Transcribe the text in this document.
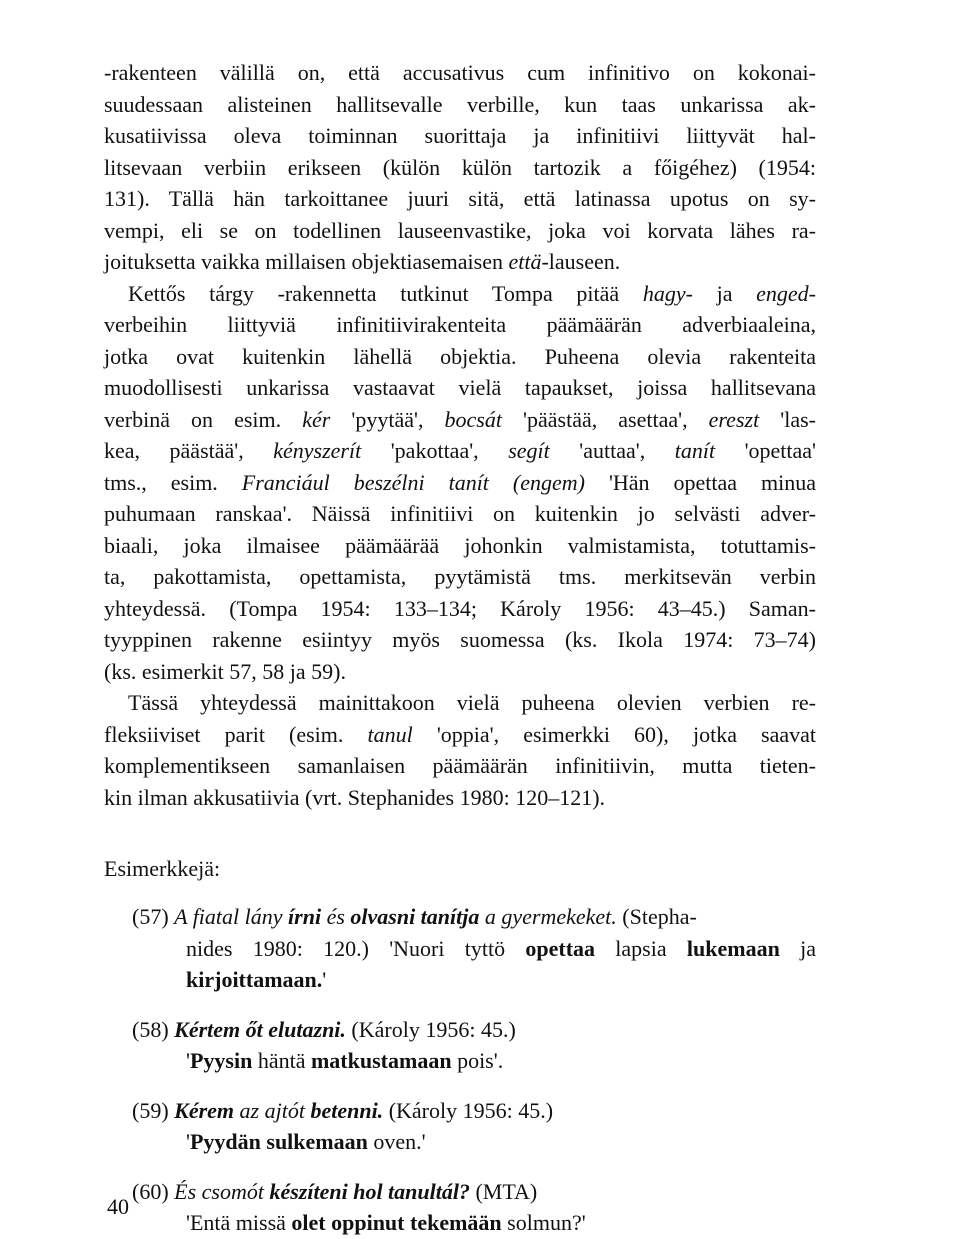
-rakenteen välillä on, että accusativus cum infinitivo on kokonai-
suudessaan alisteinen hallitsevalle verbille, kun taas unkarissa ak-
kusatiivissa oleva toiminnan suorittaja ja infinitiivi liittyvät hal-
litsevaan verbiin erikseen (külön külön tartozik a főigéhez) (1954:
131). Tällä hän tarkoittanee juuri sitä, että latinassa upotus on sy-
vempi, eli se on todellinen lauseenvastike, joka voi korvata lähes ra-
joituksetta vaikka millaisen objektiasemaisen että-lauseen.
Kettős tárgy -rakennetta tutkinut Tompa pitää hagy- ja enged-
verbeihin liittyviä infinitiivirakenteita päämäärän adverbiaaleina,
jotka ovat kuitenkin lähellä objektia. Puheena olevia rakenteita
muodollisesti unkarissa vastaavat vielä tapaukset, joissa hallitsevana
verbinä on esim. kér 'pyytää', bocsát 'päästää, asettaa', ereszt 'las-
kea, päästää', kényszerít 'pakottaa', segít 'auttaa', tanít 'opettaa'
tms., esim. Franciául beszélni tanít (engem) 'Hän opettaa minua
puhumaan ranskaa'. Näissä infinitiivi on kuitenkin jo selvästi adver-
biaali, joka ilmaisee päämäärää johonkin valmistamista, totuttamis-
ta, pakottamista, opettamista, pyytämistä tms. merkitsevän verbin
yhteydessä. (Tompa 1954: 133–134; Károly 1956: 43–45.) Saman-
tyyppinen rakenne esiintyy myös suomessa (ks. Ikola 1974: 73–74)
(ks. esimerkit 57, 58 ja 59).
Tässä yhteydessä mainittakoon vielä puheena olevien verbien re-
fleksiiviset parit (esim. tanul 'oppia', esimerkki 60), jotka saavat
komplementikseen samanlaisen päämäärän infinitiivin, mutta tieten-
kin ilman akkusatiivia (vrt. Stephanides 1980: 120–121).
Esimerkkejä:
(57) A fiatal lány írni és olvasni tanítja a gyermekeket. (Stepha-
nides 1980: 120.) 'Nuori tyttö opettaa lapsia lukemaan ja
kirjoittamaan.'
(58) Kértem őt elutazni. (Károly 1956: 45.)
'Pyysin häntä matkustamaan pois'.
(59) Kérem az ajtót betenni. (Károly 1956: 45.)
'Pyydän sulkemaan oven.'
(60) És csomót készíteni hol tanultál? (MTA)
'Entä missä olet oppinut tekemään solmun?'
40
